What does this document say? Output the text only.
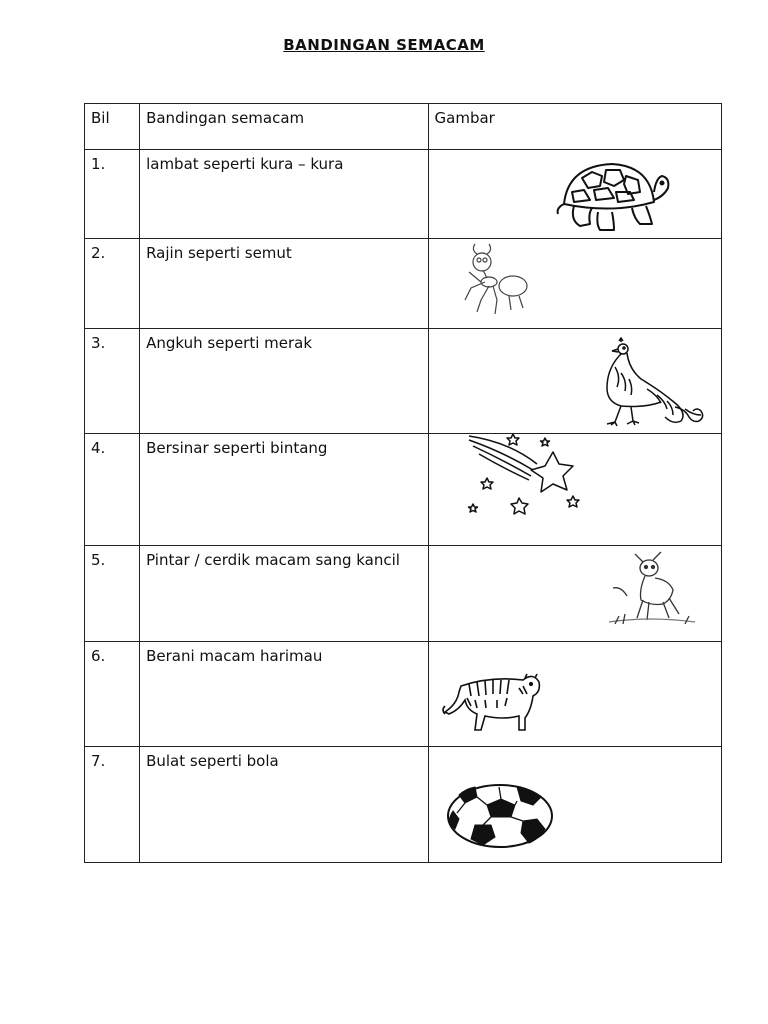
BANDINGAN SEMACAM
Bil	Bandingan semacam	Gambar

1.	lambat seperti kura – kura

2.	Rajin seperti semut

3.	Angkuh seperti merak

4.	Bersinar seperti bintang

5.	Pintar / cerdik macam sang kancil

6.	Berani macam harimau

7.	Bulat seperti bola
